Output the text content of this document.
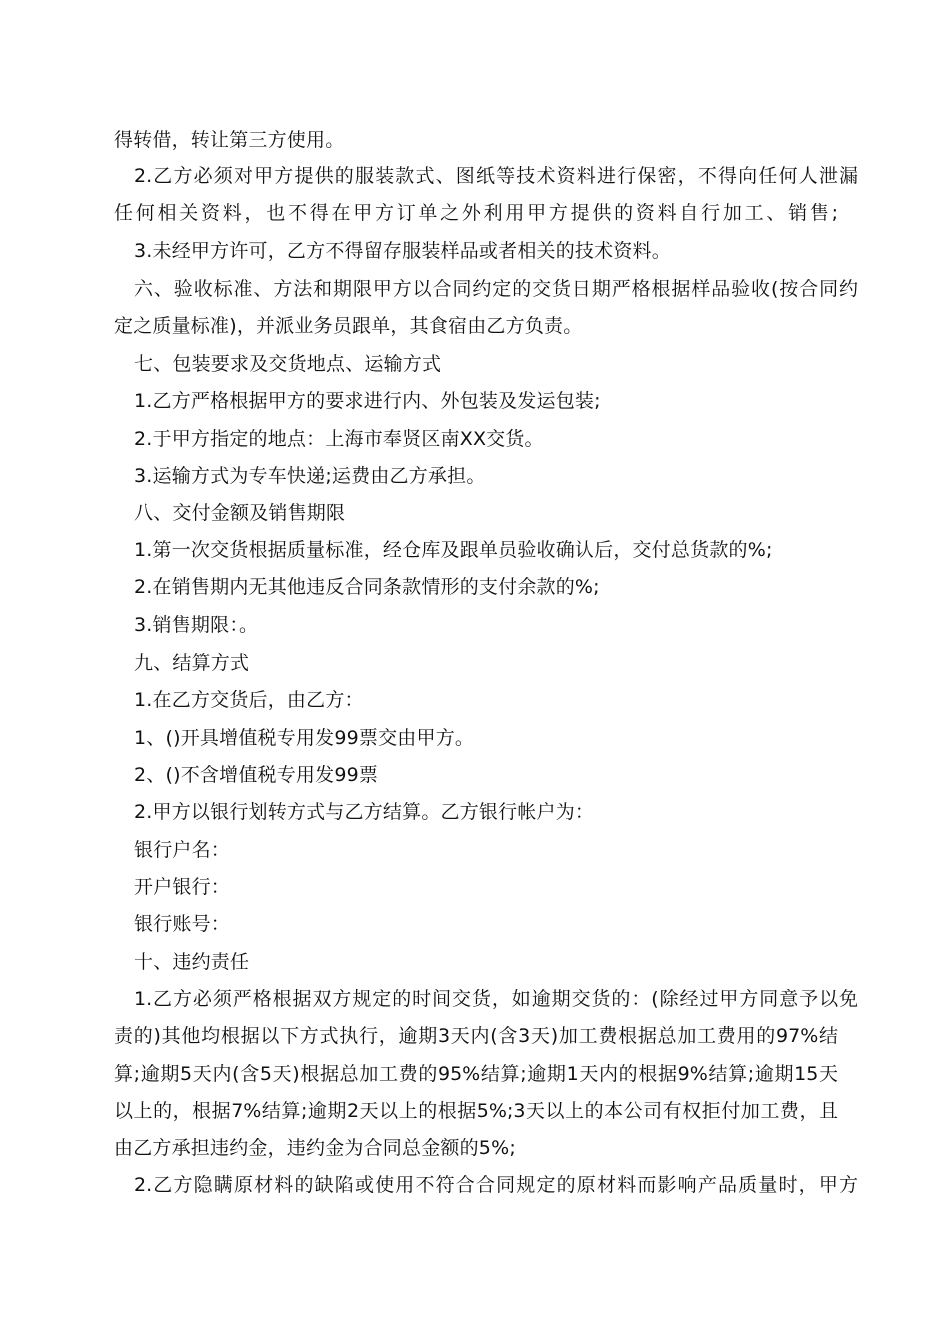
得转借，转让第三方使用。
2.乙方必须对甲方提供的服装款式、图纸等技术资料进行保密，不得向任何人泄漏
任何相关资料，也不得在甲方订单之外利用甲方提供的资料自行加工、销售;
3.未经甲方许可，乙方不得留存服装样品或者相关的技术资料。
六、验收标准、方法和期限甲方以合同约定的交货日期严格根据样品验收(按合同约
定之质量标准)，并派业务员跟单，其食宿由乙方负责。
七、包装要求及交货地点、运输方式
1.乙方严格根据甲方的要求进行内、外包装及发运包装;
2.于甲方指定的地点：上海市奉贤区南XX交货。
3.运输方式为专车快递;运费由乙方承担。
八、交付金额及销售期限
1.第一次交货根据质量标准，经仓库及跟单员验收确认后，交付总货款的%;
2.在销售期内无其他违反合同条款情形的支付余款的%;
3.销售期限：。
九、结算方式
1.在乙方交货后，由乙方：
1、()开具增值税专用发99票交由甲方。
2、()不含增值税专用发99票
2.甲方以银行划转方式与乙方结算。乙方银行帐户为：
银行户名：
开户银行：
银行账号：
十、违约责任
1.乙方必须严格根据双方规定的时间交货，如逾期交货的：(除经过甲方同意予以免
责的)其他均根据以下方式执行，逾期3天内(含3天)加工费根据总加工费用的97%结
算;逾期5天内(含5天)根据总加工费的95%结算;逾期1天内的根据9%结算;逾期15天
以上的，根据7%结算;逾期2天以上的根据5%;3天以上的本公司有权拒付加工费，且
由乙方承担违约金，违约金为合同总金额的5%;
2.乙方隐瞒原材料的缺陷或使用不符合合同规定的原材料而影响产品质量时，甲方
